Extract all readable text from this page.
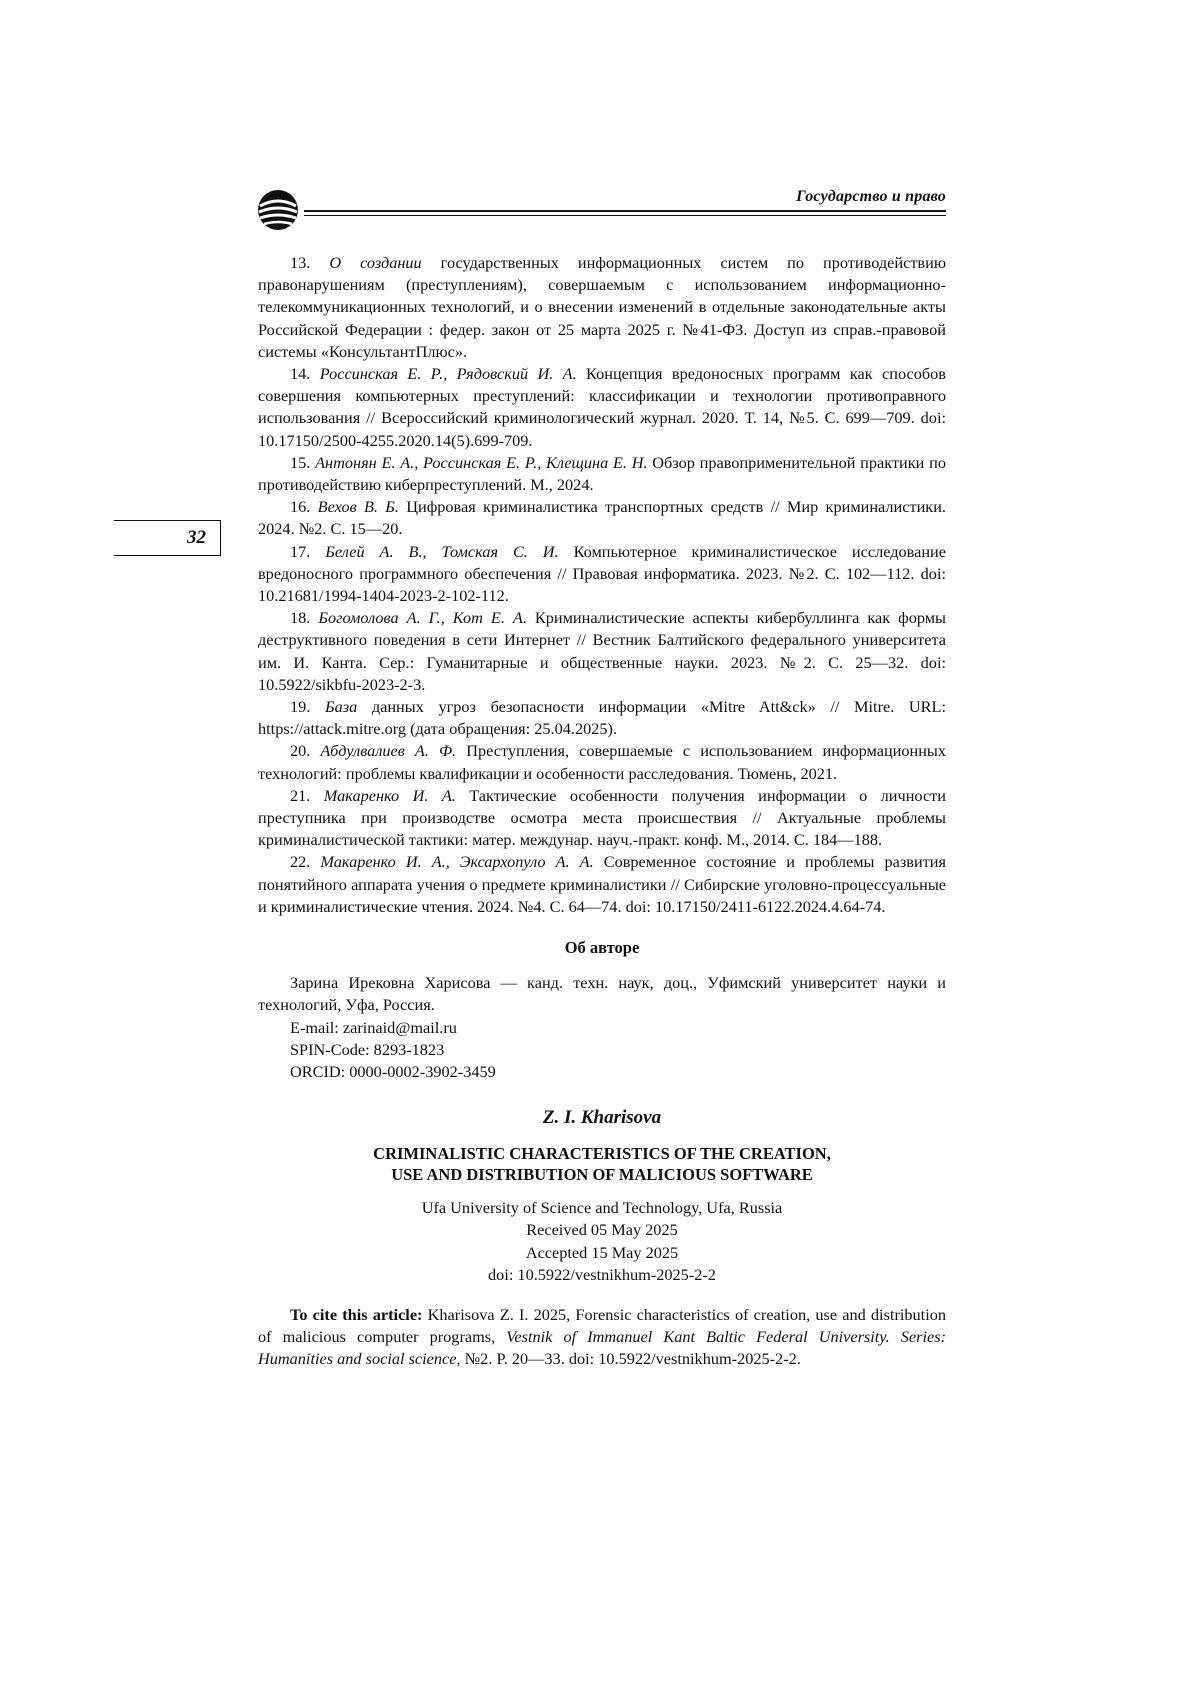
Государство и право
32

13. О создании государственных информационных систем по противодействию правонарушениям (преступлениям), совершаемым с использованием информационно-телекоммуникационных технологий, и о внесении изменений в отдельные законодательные акты Российской Федерации : федер. закон от 25 марта 2025 г. №41-ФЗ. Доступ из справ.-правовой системы «КонсультантПлюс».

14. Россинская Е. Р., Рядовский И. А. Концепция вредоносных программ как способов совершения компьютерных преступлений: классификации и технологии противоправного использования // Всероссийский криминологический журнал. 2020. Т. 14, №5. С. 699—709. doi: 10.17150/2500-4255.2020.14(5).699-709.

15. Антонян Е. А., Россинская Е. Р., Клещина Е. Н. Обзор правоприменительной практики по противодействию киберпреступлений. М., 2024.

16. Вехов В. Б. Цифровая криминалистика транспортных средств // Мир криминалистики. 2024. №2. С. 15—20.

17. Белей А. В., Томская С. И. Компьютерное криминалистическое исследование вредоносного программного обеспечения // Правовая информатика. 2023. №2. С. 102—112. doi: 10.21681/1994-1404-2023-2-102-112.

18. Богомолова А. Г., Кот Е. А. Криминалистические аспекты кибербуллинга как формы деструктивного поведения в сети Интернет // Вестник Балтийского федерального университета им. И. Канта. Сер.: Гуманитарные и общественные науки. 2023. №2. С. 25—32. doi: 10.5922/sikbfu-2023-2-3.

19. База данных угроз безопасности информации «Mitre Att&ck» // Mitre. URL: https://attack.mitre.org (дата обращения: 25.04.2025).

20. Абдулвалиев А. Ф. Преступления, совершаемые с использованием информационных технологий: проблемы квалификации и особенности расследования. Тюмень, 2021.

21. Макаренко И. А. Тактические особенности получения информации о личности преступника при производстве осмотра места происшествия // Актуальные проблемы криминалистической тактики: матер. междунар. науч.-практ. конф. М., 2014. С. 184—188.

22. Макаренко И. А., Эксархопуло А. А. Современное состояние и проблемы развития понятийного аппарата учения о предмете криминалистики // Сибирские уголовно-процессуальные и криминалистические чтения. 2024. №4. С. 64—74. doi: 10.17150/2411-6122.2024.4.64-74.

Об авторе

Зарина Ирековна Харисова — канд. техн. наук, доц., Уфимский университет науки и технологий, Уфа, Россия.

E-mail: zarinaid@mail.ru

SPIN-Code: 8293-1823

ORCID: 0000-0002-3902-3459

Z. I. Kharisova
CRIMINALISTIC CHARACTERISTICS OF THE CREATION,
USE AND DISTRIBUTION OF MALICIOUS SOFTWARE
Ufa University of Science and Technology, Ufa, Russia
Received 05 May 2025
Accepted 15 May 2025
doi: 10.5922/vestnikhum-2025-2-2

To cite this article: Kharisova Z. I. 2025, Forensic characteristics of creation, use and distribution of malicious computer programs, Vestnik of Immanuel Kant Baltic Federal University. Series: Humanities and social science, №2. P. 20—33. doi: 10.5922/vestnikhum-2025-2-2.
